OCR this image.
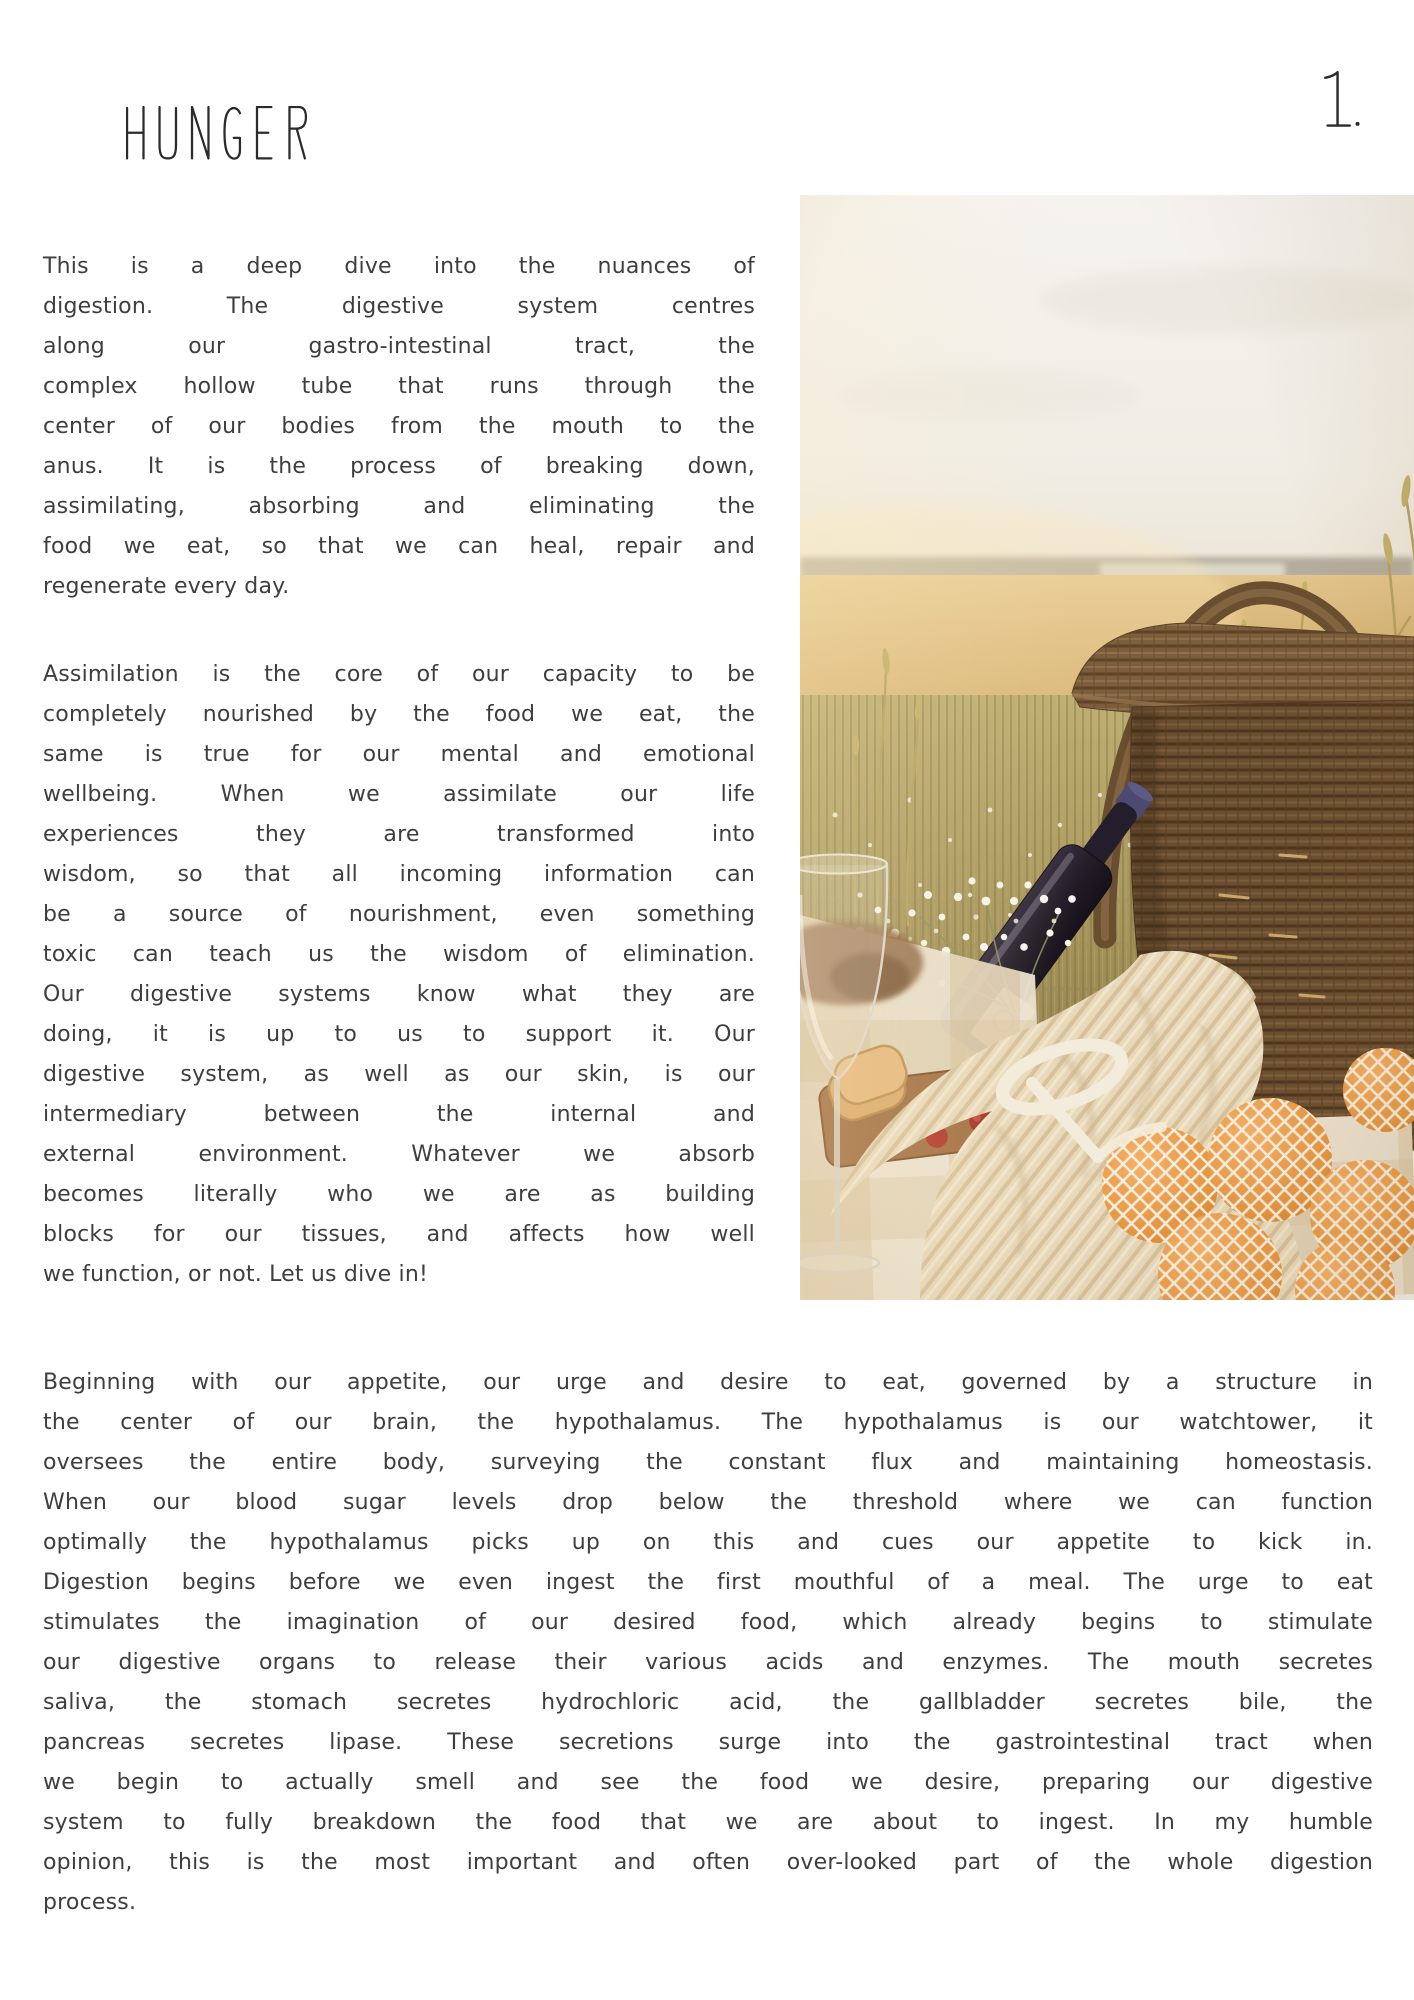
This is a deep dive into the nuances of
digestion. The digestive system centres
along our gastro-intestinal tract, the
complex hollow tube that runs through the
center of our bodies from the mouth to the
anus. It is the process of breaking down,
assimilating, absorbing and eliminating the
food we eat, so that we can heal, repair and
regenerate every day.
Assimilation is the core of our capacity to be
completely nourished by the food we eat, the
same is true for our mental and emotional
wellbeing. When we assimilate our life
experiences they are transformed into
wisdom, so that all incoming information can
be a source of nourishment, even something
toxic can teach us the wisdom of elimination.
Our digestive systems know what they are
doing, it is up to us to support it. Our
digestive system, as well as our skin, is our
intermediary between the internal and
external environment. Whatever we absorb
becomes literally who we are as building
blocks for our tissues, and affects how well
we function, or not. Let us dive in!
Beginning with our appetite, our urge and desire to eat, governed by a structure in
the center of our brain, the hypothalamus. The hypothalamus is our watchtower, it
oversees the entire body, surveying the constant flux and maintaining homeostasis.
When our blood sugar levels drop below the threshold where we can function
optimally the hypothalamus picks up on this and cues our appetite to kick in.
Digestion begins before we even ingest the first mouthful of a meal. The urge to eat
stimulates the imagination of our desired food, which already begins to stimulate
our digestive organs to release their various acids and enzymes. The mouth secretes
saliva, the stomach secretes hydrochloric acid, the gallbladder secretes bile, the
pancreas secretes lipase. These secretions surge into the gastrointestinal tract when
we begin to actually smell and see the food we desire, preparing our digestive
system to fully breakdown the food that we are about to ingest. In my humble
opinion, this is the most important and often over-looked part of the whole digestion
process.
